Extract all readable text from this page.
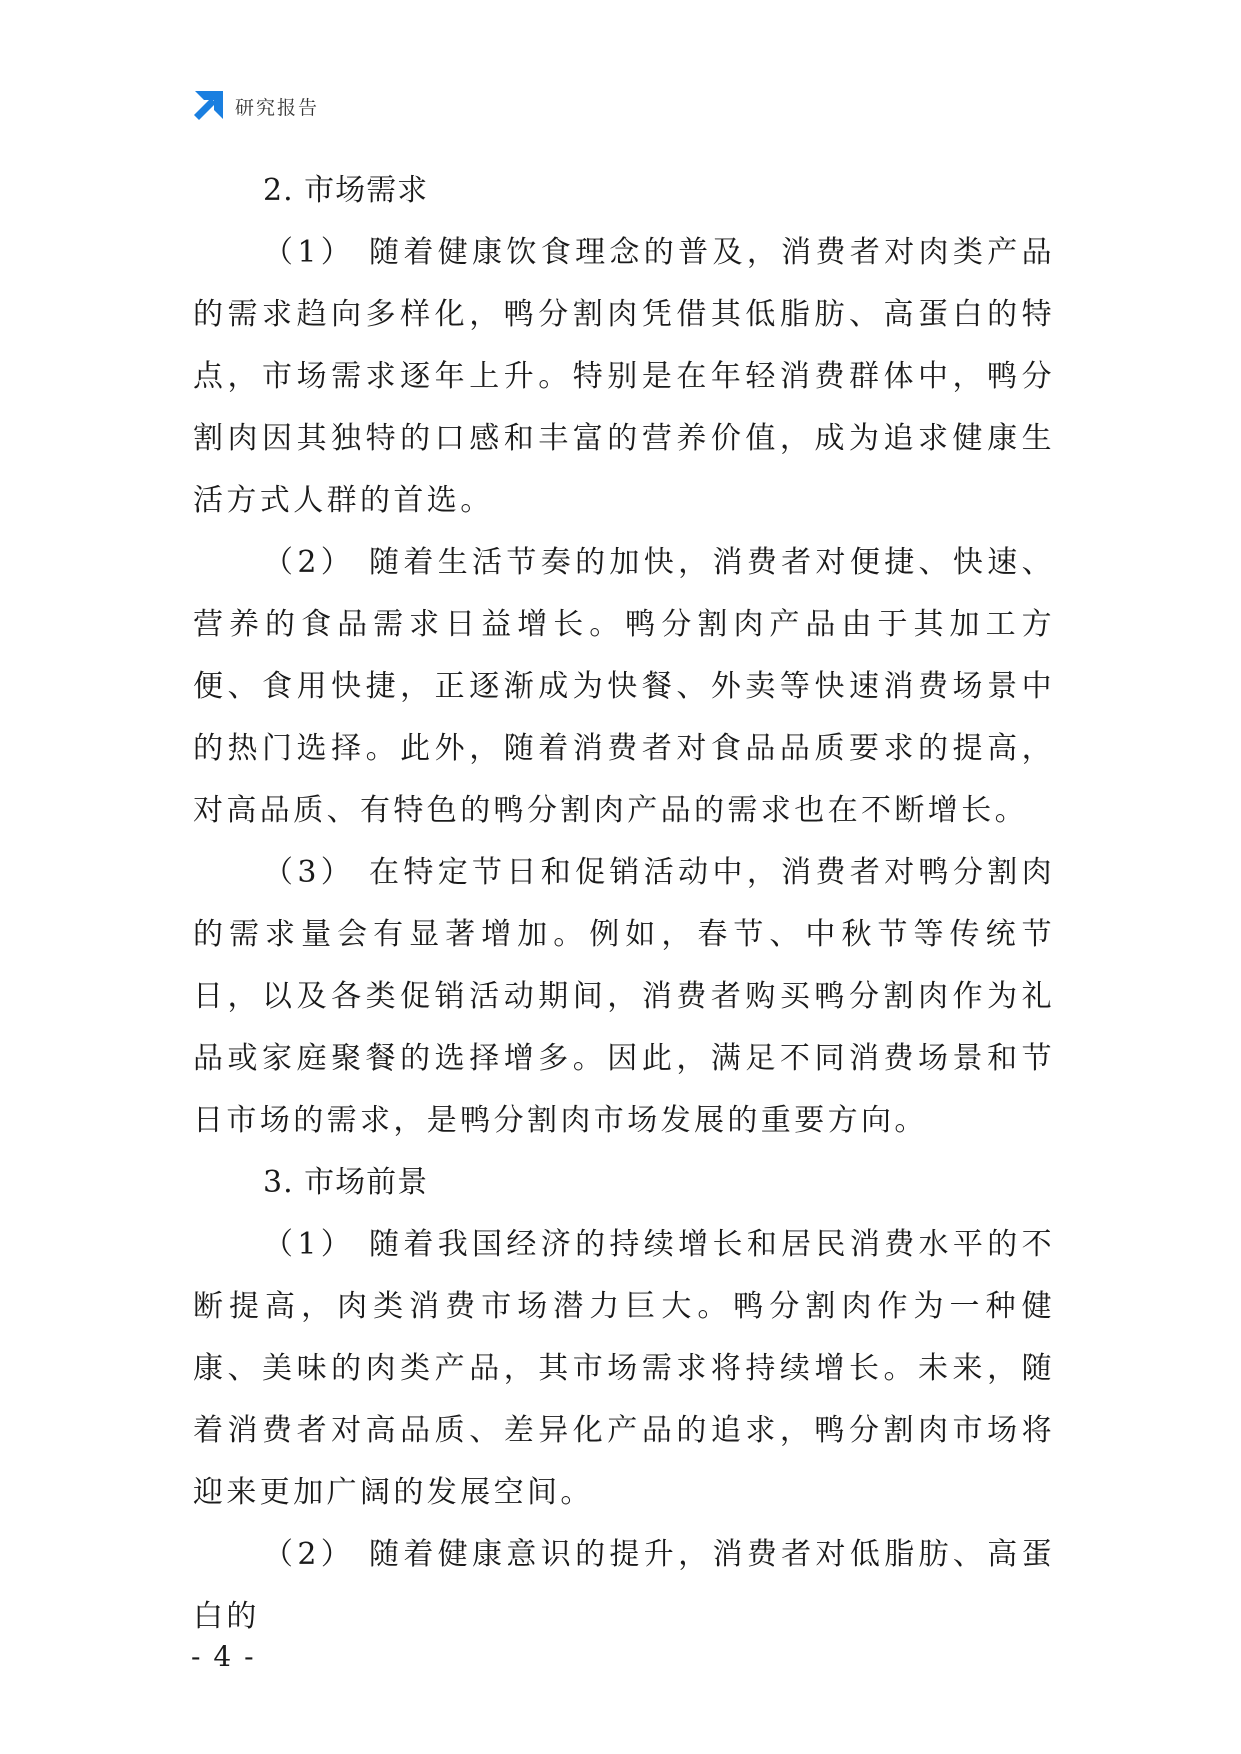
研究报告

2. 市场需求

（1） 随着健康饮食理念的普及，消费者对肉类产品的需求趋向多样化，鸭分割肉凭借其低脂肪、高蛋白的特点，市场需求逐年上升。特别是在年轻消费群体中，鸭分割肉因其独特的口感和丰富的营养价值，成为追求健康生活方式人群的首选。

（2） 随着生活节奏的加快，消费者对便捷、快速、营养的食品需求日益增长。鸭分割肉产品由于其加工方便、食用快捷，正逐渐成为快餐、外卖等快速消费场景中的热门选择。此外，随着消费者对食品品质要求的提高，对高品质、有特色的鸭分割肉产品的需求也在不断增长。

（3） 在特定节日和促销活动中，消费者对鸭分割肉的需求量会有显著增加。例如，春节、中秋节等传统节日，以及各类促销活动期间，消费者购买鸭分割肉作为礼品或家庭聚餐的选择增多。因此，满足不同消费场景和节日市场的需求，是鸭分割肉市场发展的重要方向。

3. 市场前景

（1） 随着我国经济的持续增长和居民消费水平的不断提高，肉类消费市场潜力巨大。鸭分割肉作为一种健康、美味的肉类产品，其市场需求将持续增长。未来，随着消费者对高品质、差异化产品的追求，鸭分割肉市场将迎来更加广阔的发展空间。

（2） 随着健康意识的提升，消费者对低脂肪、高蛋白的

- 4 -
